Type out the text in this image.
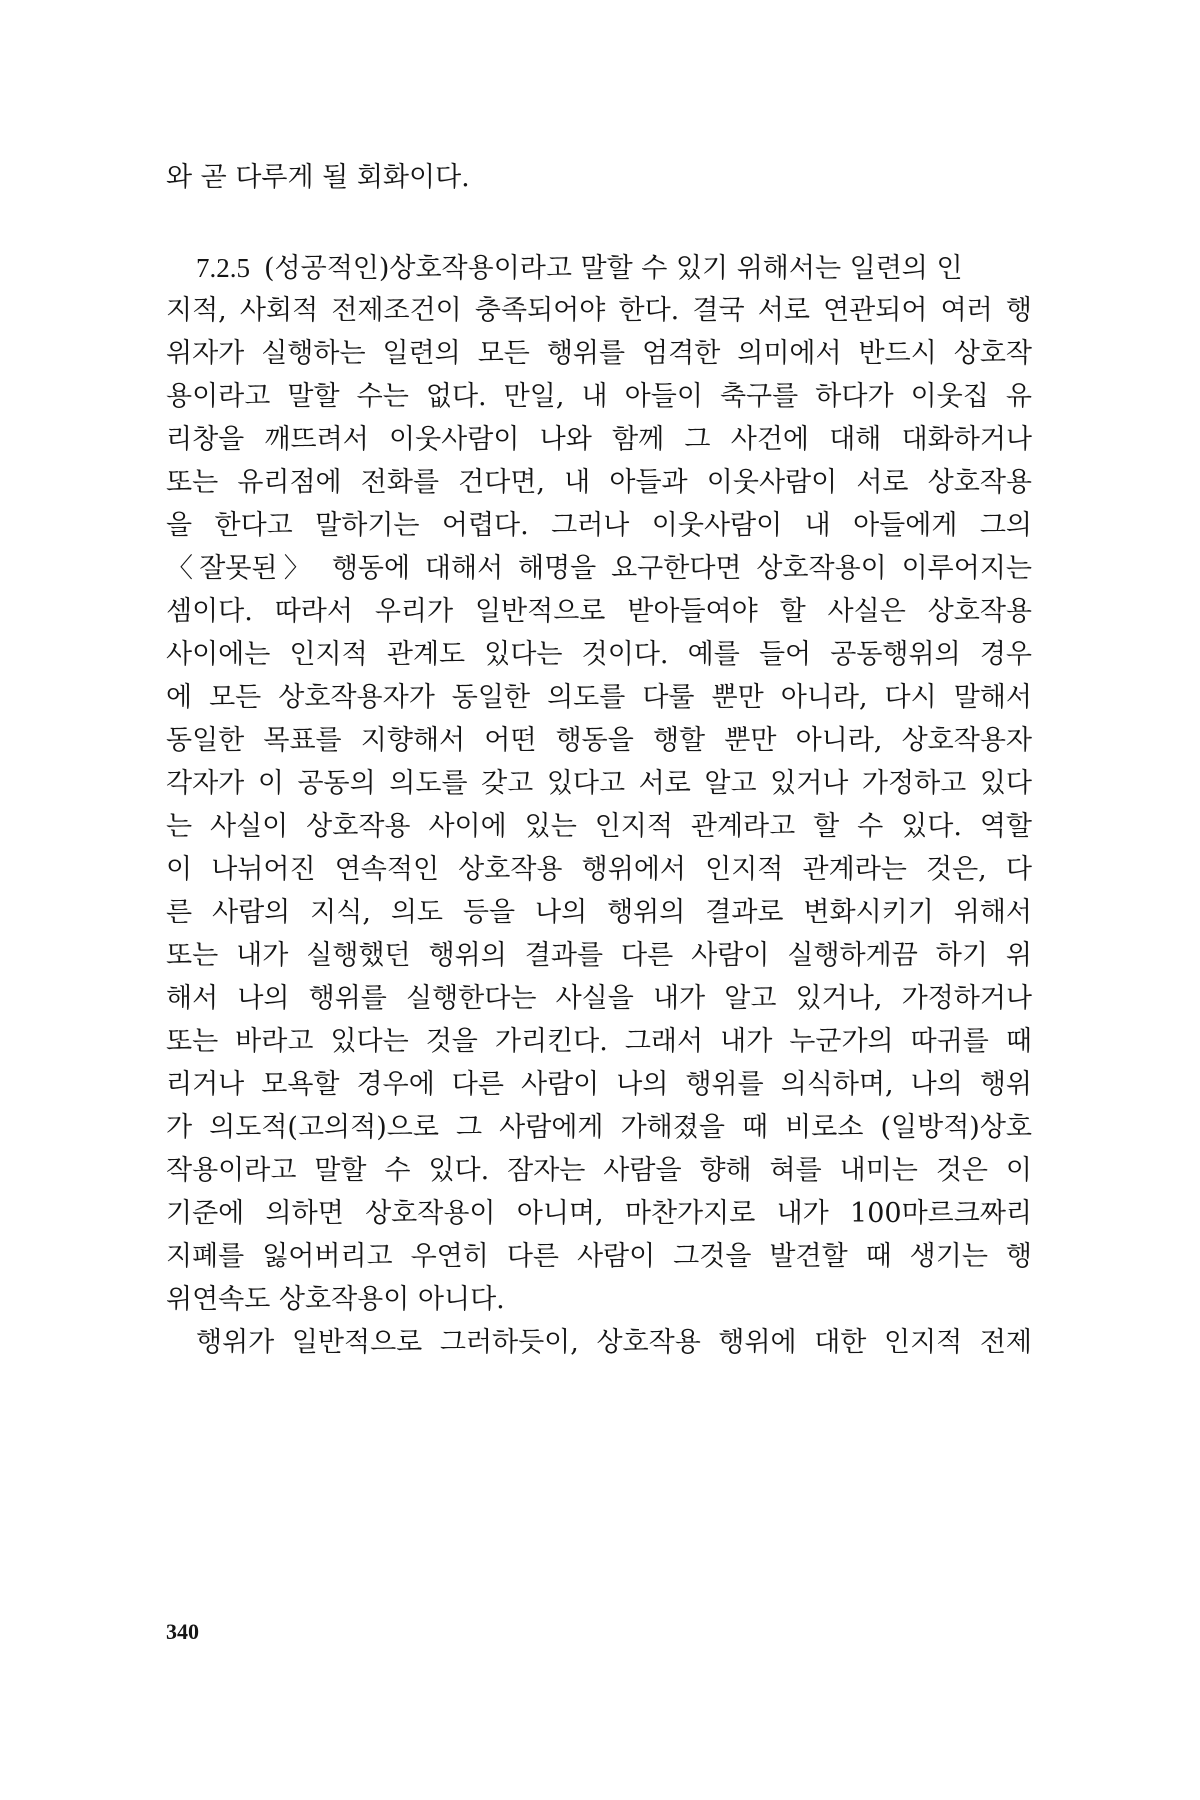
와 곧 다루게 될 회화이다.
7.2.5 (성공적인)상호작용이라고 말할 수 있기 위해서는 일련의 인
지적, 사회적 전제조건이 충족되어야 한다. 결국 서로 연관되어 여러 행
위자가 실행하는 일련의 모든 행위를 엄격한 의미에서 반드시 상호작
용이라고 말할 수는 없다. 만일, 내 아들이 축구를 하다가 이웃집 유
리창을 깨뜨려서 이웃사람이 나와 함께 그 사건에 대해 대화하거나
또는 유리점에 전화를 건다면, 내 아들과 이웃사람이 서로 상호작용
을 한다고 말하기는 어렵다. 그러나 이웃사람이 내 아들에게 그의
〈잘못된〉 행동에 대해서 해명을 요구한다면 상호작용이 이루어지는
셈이다. 따라서 우리가 일반적으로 받아들여야 할 사실은 상호작용
사이에는 인지적 관계도 있다는 것이다. 예를 들어 공동행위의 경우
에 모든 상호작용자가 동일한 의도를 다룰 뿐만 아니라, 다시 말해서
동일한 목표를 지향해서 어떤 행동을 행할 뿐만 아니라, 상호작용자
각자가 이 공동의 의도를 갖고 있다고 서로 알고 있거나 가정하고 있다
는 사실이 상호작용 사이에 있는 인지적 관계라고 할 수 있다. 역할
이 나뉘어진 연속적인 상호작용 행위에서 인지적 관계라는 것은, 다
른 사람의 지식, 의도 등을 나의 행위의 결과로 변화시키기 위해서
또는 내가 실행했던 행위의 결과를 다른 사람이 실행하게끔 하기 위
해서 나의 행위를 실행한다는 사실을 내가 알고 있거나, 가정하거나
또는 바라고 있다는 것을 가리킨다. 그래서 내가 누군가의 따귀를 때
리거나 모욕할 경우에 다른 사람이 나의 행위를 의식하며, 나의 행위
가 의도적(고의적)으로 그 사람에게 가해졌을 때 비로소 (일방적)상호
작용이라고 말할 수 있다. 잠자는 사람을 향해 혀를 내미는 것은 이
기준에 의하면 상호작용이 아니며, 마찬가지로 내가 100마르크짜리
지폐를 잃어버리고 우연히 다른 사람이 그것을 발견할 때 생기는 행
위연속도 상호작용이 아니다.
행위가 일반적으로 그러하듯이, 상호작용 행위에 대한 인지적 전제
340
